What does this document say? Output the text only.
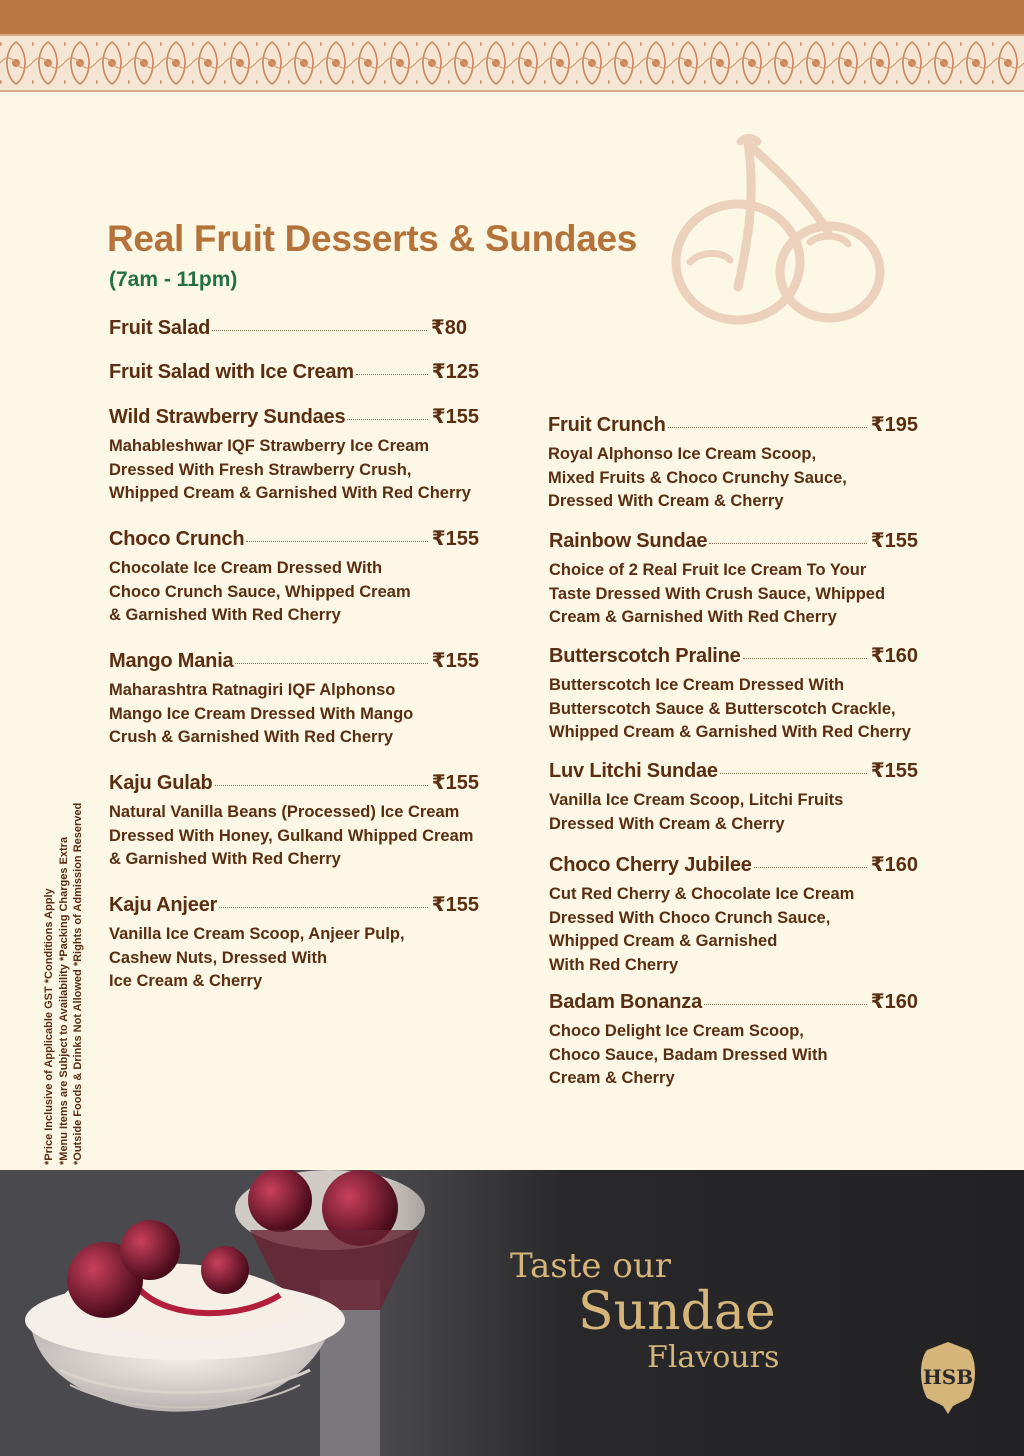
Real Fruit Desserts & Sundaes
(7am - 11pm)
Fruit Salad	₹80
Fruit Salad with Ice Cream	₹125
Wild Strawberry Sundaes	₹155
Mahableshwar IQF Strawberry Ice Cream
Dressed With Fresh Strawberry Crush,
Whipped Cream & Garnished With Red Cherry
Choco Crunch	₹155
Chocolate Ice Cream Dressed With
Choco Crunch Sauce, Whipped Cream
& Garnished With Red Cherry
Mango Mania	₹155
Maharashtra Ratnagiri IQF Alphonso
Mango Ice Cream Dressed With Mango
Crush & Garnished With Red Cherry
Kaju Gulab	₹155
Natural Vanilla Beans (Processed) Ice Cream
Dressed With Honey, Gulkand Whipped Cream
& Garnished With Red Cherry
Kaju Anjeer	₹155
Vanilla Ice Cream Scoop, Anjeer Pulp,
Cashew Nuts, Dressed With
Ice Cream & Cherry
Fruit Crunch	₹195
Royal Alphonso Ice Cream Scoop,
Mixed Fruits & Choco Crunchy Sauce,
Dressed With Cream & Cherry
Rainbow Sundae	₹155
Choice of 2 Real Fruit Ice Cream To Your
Taste Dressed With Crush Sauce, Whipped
Cream & Garnished With Red Cherry
Butterscotch Praline	₹160
Butterscotch Ice Cream Dressed With
Butterscotch Sauce & Butterscotch Crackle,
Whipped Cream & Garnished With Red Cherry
Luv Litchi Sundae	₹155
Vanilla Ice Cream Scoop, Litchi Fruits
Dressed With Cream & Cherry
Choco Cherry Jubilee	₹160
Cut Red Cherry & Chocolate Ice Cream
Dressed With Choco Crunch Sauce,
Whipped Cream & Garnished
With Red Cherry
Badam Bonanza	₹160
Choco Delight Ice Cream Scoop,
Choco Sauce, Badam Dressed With
Cream & Cherry
*Price Inclusive of Applicable GST *Conditions Apply *Menu Items are Subject to Availability *Packing Charges Extra *Outside Foods & Drinks Not Allowed *Rights of Admission Reserved
Taste our
Sundae
Flavours
HSB
